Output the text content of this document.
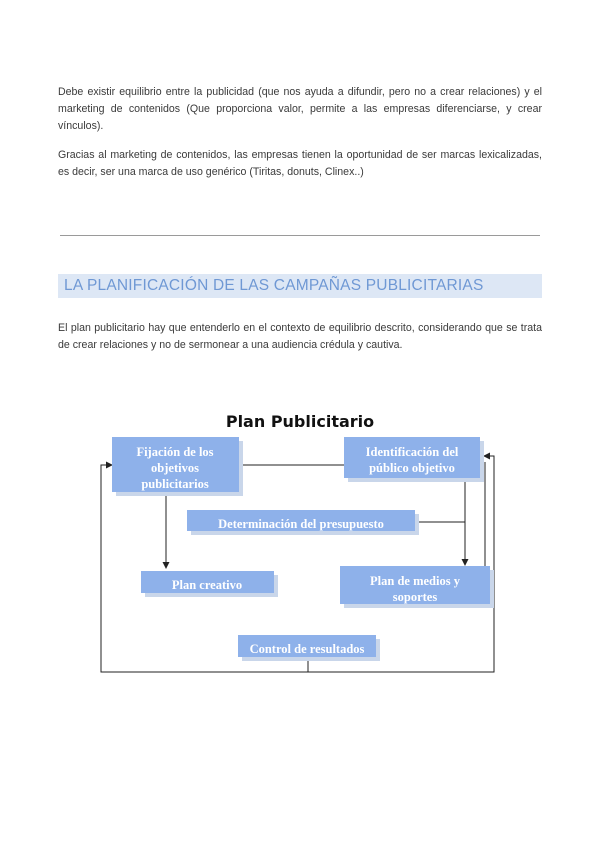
Debe existir equilibrio entre la publicidad (que nos ayuda a difundir, pero no a crear relaciones) y el marketing de contenidos (Que proporciona valor, permite a las empresas diferenciarse, y crear vínculos).
Gracias al marketing de contenidos, las empresas tienen la oportunidad de ser marcas lexicalizadas, es decir, ser una marca de uso genérico (Tiritas, donuts, Clinex..)
LA PLANIFICACIÓN DE LAS CAMPAÑAS PUBLICITARIAS
El plan publicitario hay que entenderlo en el contexto de equilibrio descrito, considerando que se trata de crear relaciones y no de sermonear a una audiencia crédula y cautiva.
Plan Publicitario
Fijación de los
objetivos
publicitarios
Identificación del
público objetivo
Determinación del presupuesto
Plan creativo	Plan de medios y
soportes
Control de resultados
